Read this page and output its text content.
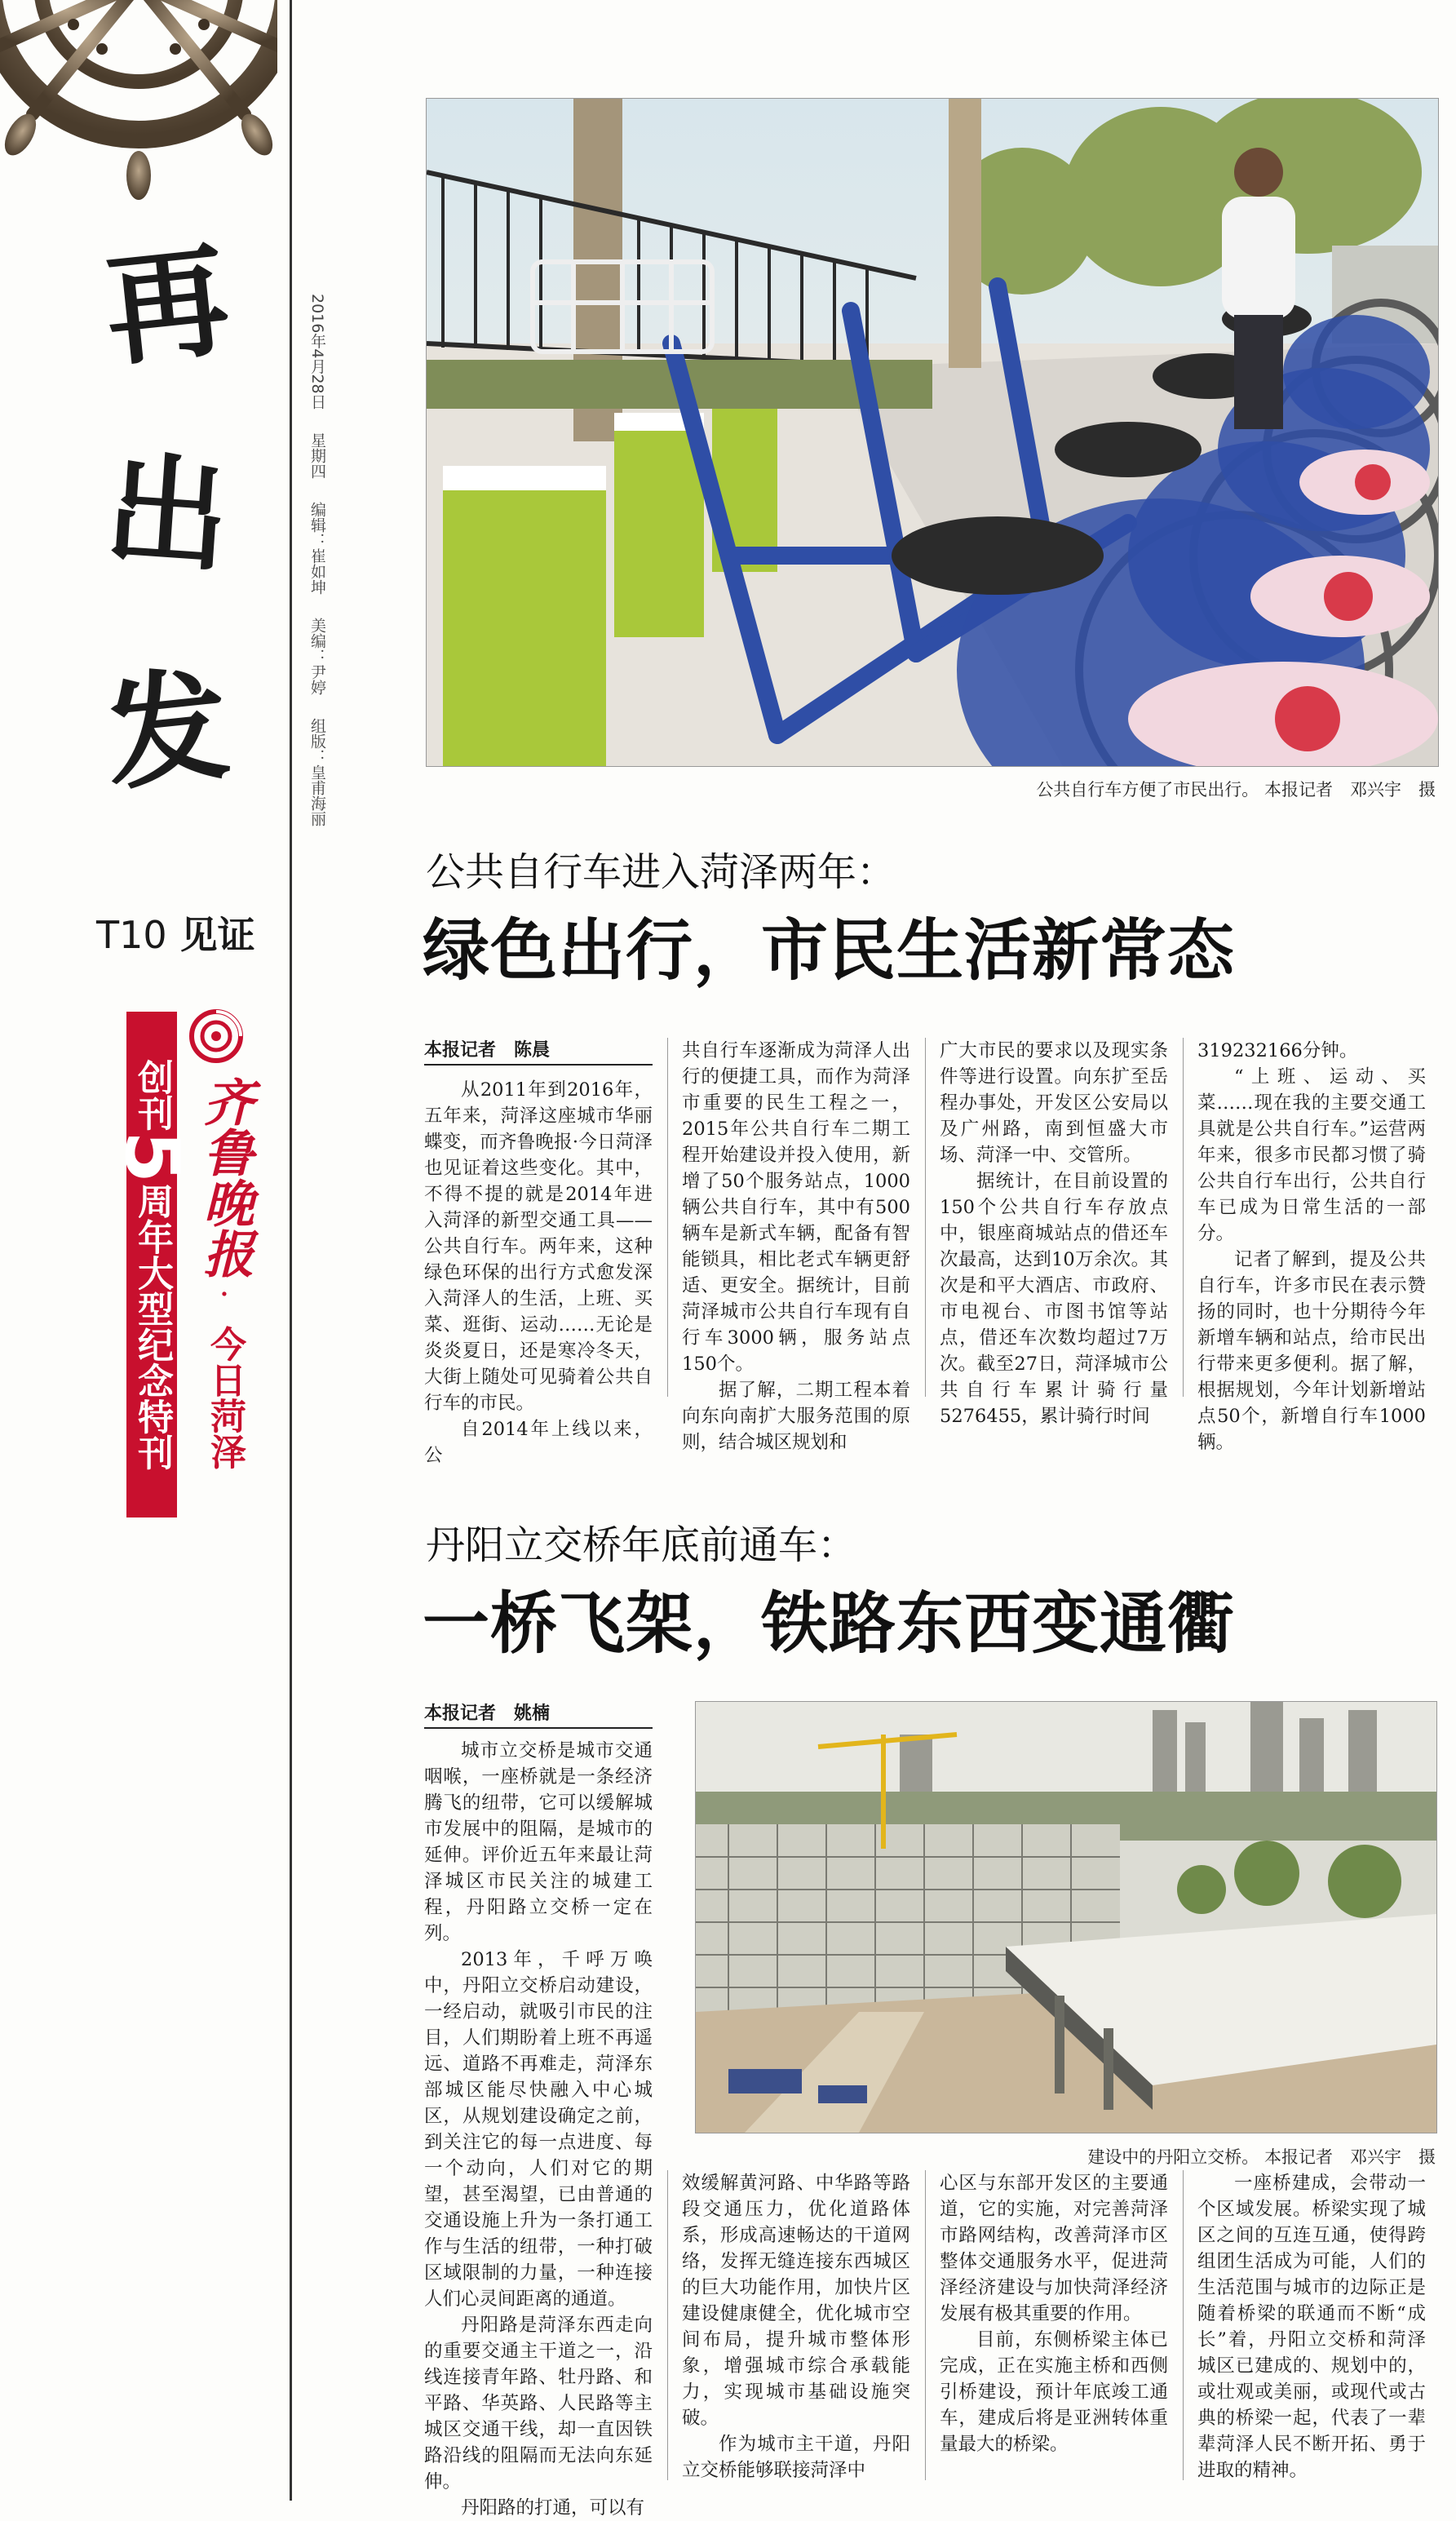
再
出
发
T10 见证
2016年4月28日 星期四 编辑：崔如坤 美编：尹婷 组版：皇甫海丽
创刊5周年大型纪念特刊
齐鲁晚报
·
今日菏泽
公共自行车方便了市民出行。 本报记者　邓兴宇　摄
公共自行车进入菏泽两年：
绿色出行，市民生活新常态
本报记者　陈晨

从2011年到2016年，五年来，菏泽这座城市华丽蝶变，而齐鲁晚报·今日菏泽也见证着这些变化。其中，不得不提的就是2014年进入菏泽的新型交通工具——公共自行车。两年来，这种绿色环保的出行方式愈发深入菏泽人的生活，上班、买菜、逛街、运动……无论是炎炎夏日，还是寒冷冬天，大街上随处可见骑着公共自行车的市民。

自2014年上线以来，公

共自行车逐渐成为菏泽人出行的便捷工具，而作为菏泽市重要的民生工程之一，2015年公共自行车二期工程开始建设并投入使用，新增了50个服务站点，1000辆公共自行车，其中有500辆车是新式车辆，配备有智能锁具，相比老式车辆更舒适、更安全。据统计，目前菏泽城市公共自行车现有自行车3000辆，服务站点150个。

据了解，二期工程本着向东向南扩大服务范围的原则，结合城区规划和

广大市民的要求以及现实条件等进行设置。向东扩至岳程办事处，开发区公安局以及广州路，南到恒盛大市场、菏泽一中、交管所。

据统计，在目前设置的150个公共自行车存放点中，银座商城站点的借还车次最高，达到10万余次。其次是和平大酒店、市政府、市电视台、市图书馆等站点，借还车次数均超过7万次。截至27日，菏泽城市公共自行车累计骑行量5276455，累计骑行时间

319232166分钟。

“上班、运动、买菜……现在我的主要交通工具就是公共自行车。”运营两年来，很多市民都习惯了骑公共自行车出行，公共自行车已成为日常生活的一部分。

记者了解到，提及公共自行车，许多市民在表示赞扬的同时，也十分期待今年新增车辆和站点，给市民出行带来更多便利。据了解，根据规划，今年计划新增站点50个，新增自行车1000辆。

丹阳立交桥年底前通车：
一桥飞架，铁路东西变通衢
本报记者　姚楠

城市立交桥是城市交通咽喉，一座桥就是一条经济腾飞的纽带，它可以缓解城市发展中的阻隔，是城市的延伸。评价近五年来最让菏泽城区市民关注的城建工程，丹阳路立交桥一定在列。

2013年，千呼万唤中，丹阳立交桥启动建设，一经启动，就吸引市民的注目，人们期盼着上班不再遥远、道路不再难走，菏泽东部城区能尽快融入中心城区，从规划建设确定之前，到关注它的每一点进度、每一个动向，人们对它的期望，甚至渴望，已由普通的交通设施上升为一条打通工作与生活的纽带，一种打破区域限制的力量，一种连接人们心灵间距离的通道。

丹阳路是菏泽东西走向的重要交通主干道之一，沿线连接青年路、牡丹路、和平路、华英路、人民路等主城区交通干线，却一直因铁路沿线的阻隔而无法向东延伸。

丹阳路的打通，可以有

建设中的丹阳立交桥。 本报记者　邓兴宇　摄

效缓解黄河路、中华路等路段交通压力，优化道路体系，形成高速畅达的干道网络，发挥无缝连接东西城区的巨大功能作用，加快片区建设健康健全，优化城市空间布局，提升城市整体形象，增强城市综合承载能力，实现城市基础设施突破。

作为城市主干道，丹阳立交桥能够联接菏泽中

心区与东部开发区的主要通道，它的实施，对完善菏泽市路网结构，改善菏泽市区整体交通服务水平，促进菏泽经济建设与加快菏泽经济发展有极其重要的作用。

目前，东侧桥梁主体已完成，正在实施主桥和西侧引桥建设，预计年底竣工通车，建成后将是亚洲转体重量最大的桥梁。

一座桥建成，会带动一个区域发展。桥梁实现了城区之间的互连互通，使得跨组团生活成为可能，人们的生活范围与城市的边际正是随着桥梁的联通而不断“成长”着，丹阳立交桥和菏泽城区已建成的、规划中的，或壮观或美丽，或现代或古典的桥梁一起，代表了一辈辈菏泽人民不断开拓、勇于进取的精神。
